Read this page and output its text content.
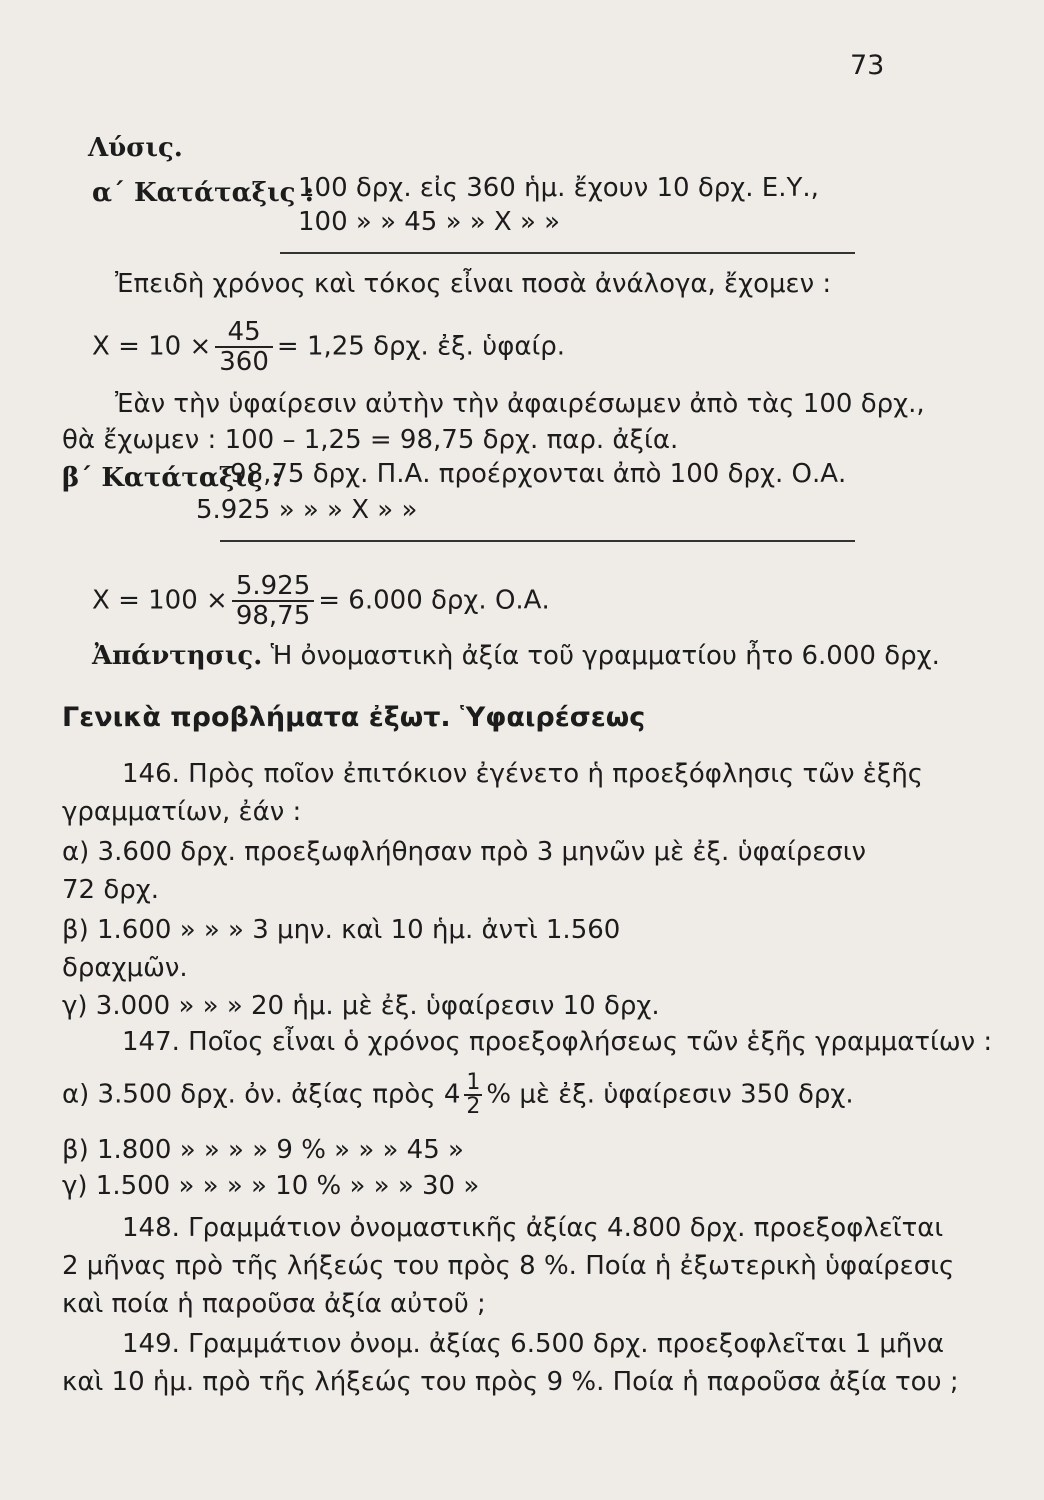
73
Λύσις.
α΄ Κατάταξις :
100 δρχ. εἰς 360 ἡμ. ἔχουν 10 δρχ. Ε.Υ.,
100 » » 45 » » X » »
Ἐπειδὴ χρόνος καὶ τόκος εἶναι ποσὰ ἀνάλογα, ἔχομεν :
$X = 10 \times \frac{45}{360} = 1,25$ δρχ. ἐξ. ὑφαίρ.
Ἐὰν τὴν ὑφαίρεσιν αὐτὴν τὴν ἀφαιρέσωμεν ἀπὸ τὰς 100 δρχ.,
θὰ ἔχωμεν : 100 – 1,25 = 98,75 δρχ. παρ. ἀξία.
β΄ Κατάταξις :
98,75 δρχ. Π.Α. προέρχονται ἀπὸ 100 δρχ. Ο.Α.
5.925 » » » X » »
$X = 100 \times \frac{5.925}{98,75} = 6.000$ δρχ. Ο.Α.
Ἀπάντησις. Ἡ ὀνομαστικὴ ἀξία τοῦ γραμματίου ἦτο 6.000 δρχ.
Γενικὰ προβλήματα ἐξωτ. Ὑφαιρέσεως
146. Πρὸς ποῖον ἐπιτόκιον ἐγένετο ἡ προεξόφλησις τῶν ἑξῆς
γραμματίων, ἐάν :
α) 3.600 δρχ. προεξωφλήθησαν πρὸ 3 μηνῶν μὲ ἐξ. ὑφαίρεσιν
72 δρχ.
β) 1.600 » » » 3 μην. καὶ 10 ἡμ. ἀντὶ 1.560
δραχμῶν.
γ) 3.000 » » » 20 ἡμ. μὲ ἐξ. ὑφαίρεσιν 10 δρχ.
147. Ποῖος εἶναι ὁ χρόνος προεξοφλήσεως τῶν ἑξῆς γραμματίων :
α) 3.500 δρχ. ὀν. ἀξίας πρὸς $4 \frac{1}{2}$ % μὲ ἐξ. ὑφαίρεσιν 350 δρχ.
β) 1.800 » » » » 9 % » » » 45 »
γ) 1.500 » » » » 10 % » » » 30 »
148. Γραμμάτιον ὀνομαστικῆς ἀξίας 4.800 δρχ. προεξοφλεῖται
2 μῆνας πρὸ τῆς λήξεώς του πρὸς 8 %. Ποία ἡ ἐξωτερικὴ ὑφαίρεσις
καὶ ποία ἡ παροῦσα ἀξία αὐτοῦ ;
149. Γραμμάτιον ὀνομ. ἀξίας 6.500 δρχ. προεξοφλεῖται 1 μῆνα
καὶ 10 ἡμ. πρὸ τῆς λήξεώς του πρὸς 9 %. Ποία ἡ παροῦσα ἀξία του ;
